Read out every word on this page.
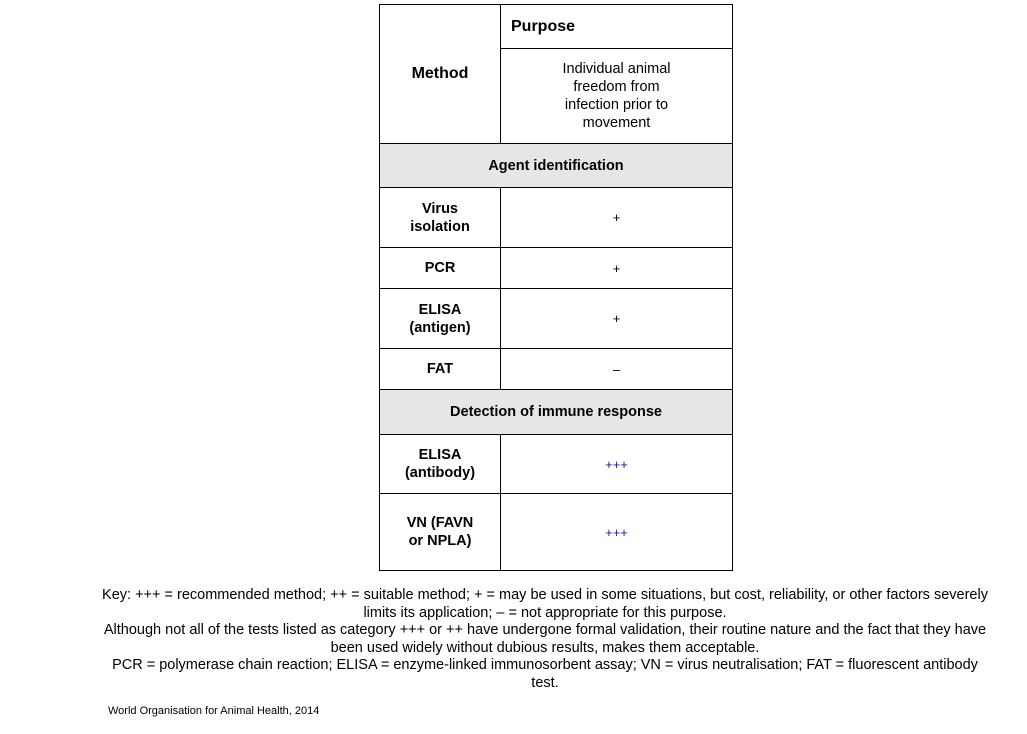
Method	Purpose

	Individual animal freedom from infection prior to movement

Agent identification	

Virus isolation	+
PCR	+

ELISA (antigen)	+
FAT	–
Detection of immune response	

ELISA (antibody)	+++

VN (FAVN or NPLA)	+++

Key: +++ = recommended method; ++ = suitable method; + = may be used in some situations, but cost, reliability, or other factors severely limits its application; – = not appropriate for this purpose.

Although not all of the tests listed as category +++ or ++ have undergone formal validation, their routine nature and the fact that they have been used widely without dubious results, makes them acceptable.

PCR = polymerase chain reaction; ELISA = enzyme-linked immunosorbent assay; VN = virus neutralisation; FAT = fluorescent antibody test.

World Organisation for Animal Health, 2014
